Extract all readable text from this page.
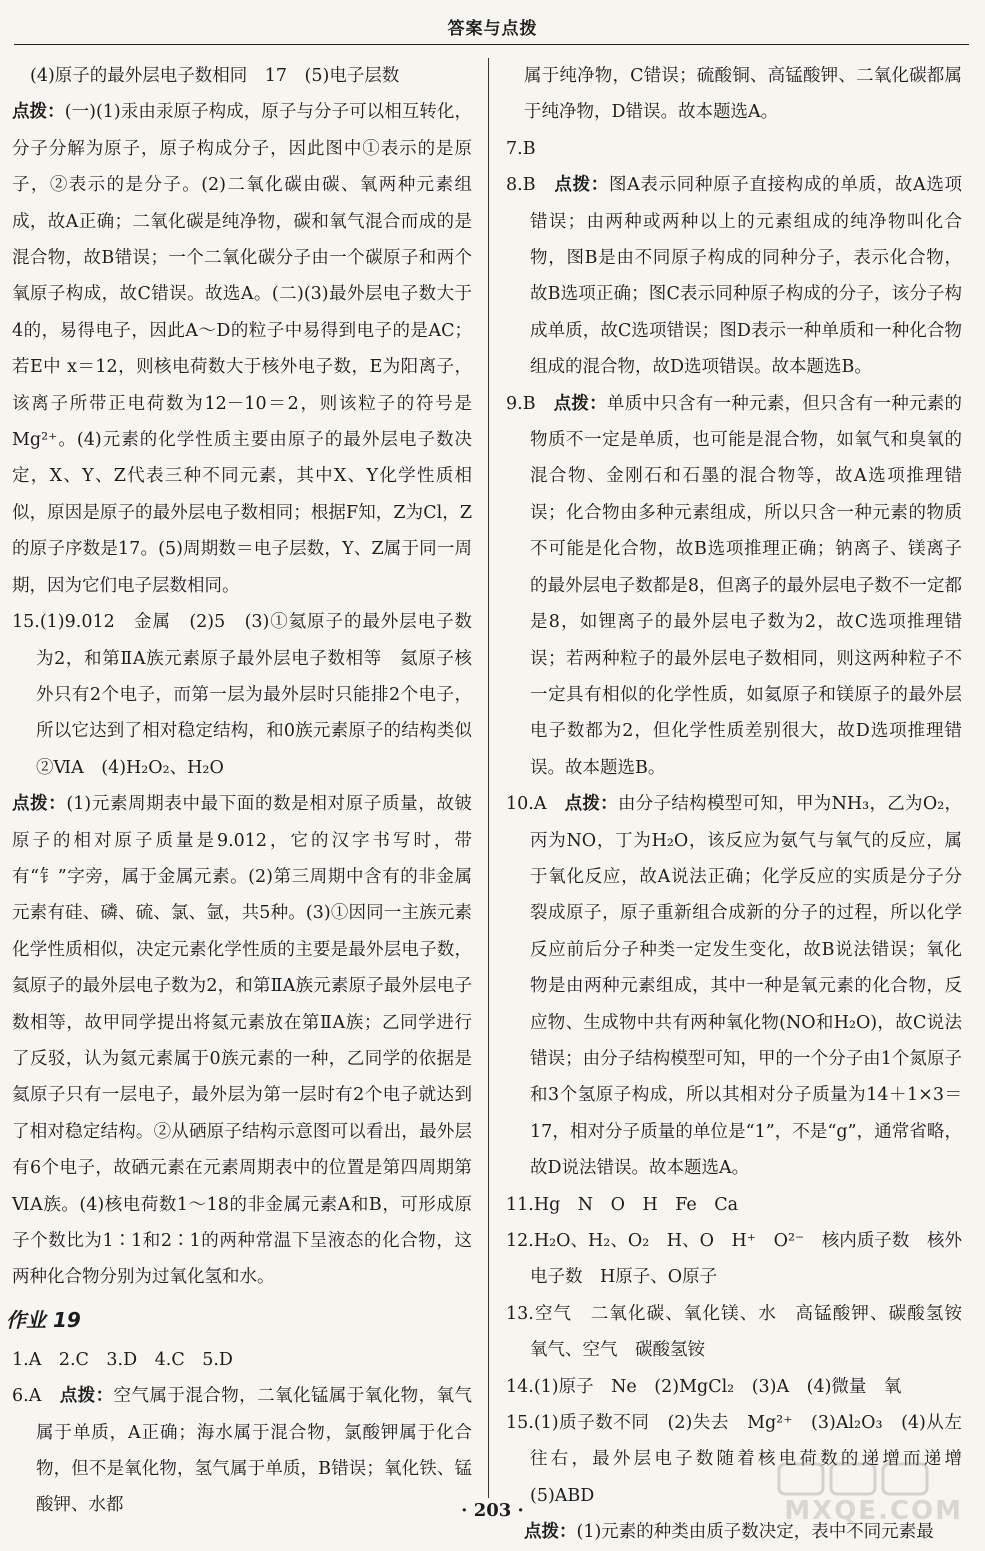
答案与点拨
(4)原子的最外层电子数相同　17　(5)电子层数
点拨：(一)(1)汞由汞原子构成，原子与分子可以相互转化，分子分解为原子，原子构成分子，因此图中①表示的是原子，②表示的是分子。(2)二氧化碳由碳、氧两种元素组成，故A正确；二氧化碳是纯净物，碳和氧气混合而成的是混合物，故B错误；一个二氧化碳分子由一个碳原子和两个氧原子构成，故C错误。故选A。(二)(3)最外层电子数大于4的，易得电子，因此A～D的粒子中易得到电子的是AC；若E中 x＝12，则核电荷数大于核外电子数，E为阳离子，该离子所带正电荷数为12－10＝2，则该粒子的符号是Mg²⁺。(4)元素的化学性质主要由原子的最外层电子数决定，X、Y、Z代表三种不同元素，其中X、Y化学性质相似，原因是原子的最外层电子数相同；根据F知，Z为Cl，Z的原子序数是17。(5)周期数＝电子层数，Y、Z属于同一周期，因为它们电子层数相同。
15.(1)9.012　金属　(2)5　(3)①氦原子的最外层电子数为2，和第ⅡA族元素原子最外层电子数相等　氦原子核外只有2个电子，而第一层为最外层时只能排2个电子，所以它达到了相对稳定结构，和0族元素原子的结构类似　②ⅥA　(4)H₂O₂、H₂O
点拨：(1)元素周期表中最下面的数是相对原子质量，故铍原子的相对原子质量是9.012，它的汉字书写时，带有“钅”字旁，属于金属元素。(2)第三周期中含有的非金属元素有硅、磷、硫、氯、氩，共5种。(3)①因同一主族元素化学性质相似，决定元素化学性质的主要是最外层电子数，氦原子的最外层电子数为2，和第ⅡA族元素原子最外层电子数相等，故甲同学提出将氦元素放在第ⅡA族；乙同学进行了反驳，认为氦元素属于0族元素的一种，乙同学的依据是氦原子只有一层电子，最外层为第一层时有2个电子就达到了相对稳定结构。②从硒原子结构示意图可以看出，最外层有6个电子，故硒元素在元素周期表中的位置是第四周期第ⅥA族。(4)核电荷数1～18的非金属元素A和B，可形成原子个数比为1∶1和2∶1的两种常温下呈液态的化合物，这两种化合物分别为过氧化氢和水。
作业 19
1.A　2.C　3.D　4.C　5.D
6.A　点拨：空气属于混合物，二氧化锰属于氧化物，氧气属于单质，A正确；海水属于混合物，氯酸钾属于化合物，但不是氧化物，氢气属于单质，B错误；氧化铁、锰酸钾、水都
属于纯净物，C错误；硫酸铜、高锰酸钾、二氧化碳都属于纯净物，D错误。故本题选A。
7.B
8.B　点拨：图A表示同种原子直接构成的单质，故A选项错误；由两种或两种以上的元素组成的纯净物叫化合物，图B是由不同原子构成的同种分子，表示化合物，故B选项正确；图C表示同种原子构成的分子，该分子构成单质，故C选项错误；图D表示一种单质和一种化合物组成的混合物，故D选项错误。故本题选B。
9.B　点拨：单质中只含有一种元素，但只含有一种元素的物质不一定是单质，也可能是混合物，如氧气和臭氧的混合物、金刚石和石墨的混合物等，故A选项推理错误；化合物由多种元素组成，所以只含一种元素的物质不可能是化合物，故B选项推理正确；钠离子、镁离子的最外层电子数都是8，但离子的最外层电子数不一定都是8，如锂离子的最外层电子数为2，故C选项推理错误；若两种粒子的最外层电子数相同，则这两种粒子不一定具有相似的化学性质，如氦原子和镁原子的最外层电子数都为2，但化学性质差别很大，故D选项推理错误。故本题选B。
10.A　点拨：由分子结构模型可知，甲为NH₃，乙为O₂，丙为NO，丁为H₂O，该反应为氨气与氧气的反应，属于氧化反应，故A说法正确；化学反应的实质是分子分裂成原子，原子重新组合成新的分子的过程，所以化学反应前后分子种类一定发生变化，故B说法错误；氧化物是由两种元素组成，其中一种是氧元素的化合物，反应物、生成物中共有两种氧化物(NO和H₂O)，故C说法错误；由分子结构模型可知，甲的一个分子由1个氮原子和3个氢原子构成，所以其相对分子质量为14＋1×3＝17，相对分子质量的单位是“1”，不是“g”，通常省略，故D说法错误。故本题选A。
11.Hg　N　O　H　Fe　Ca
12.H₂O、H₂、O₂　H、O　H⁺　O²⁻　核内质子数　核外电子数　H原子、O原子
13.空气　二氧化碳、氧化镁、水　高锰酸钾、碳酸氢铵　氧气、空气　碳酸氢铵
14.(1)原子　Ne　(2)MgCl₂　(3)A　(4)微量　氧
15.(1)质子数不同　(2)失去　Mg²⁺　(3)Al₂O₃　(4)从左往右，最外层电子数随着核电荷数的递增而递增　(5)ABD
点拨：(1)元素的种类由质子数决定，表中不同元素最
· 203 ·	MXQE.COM
